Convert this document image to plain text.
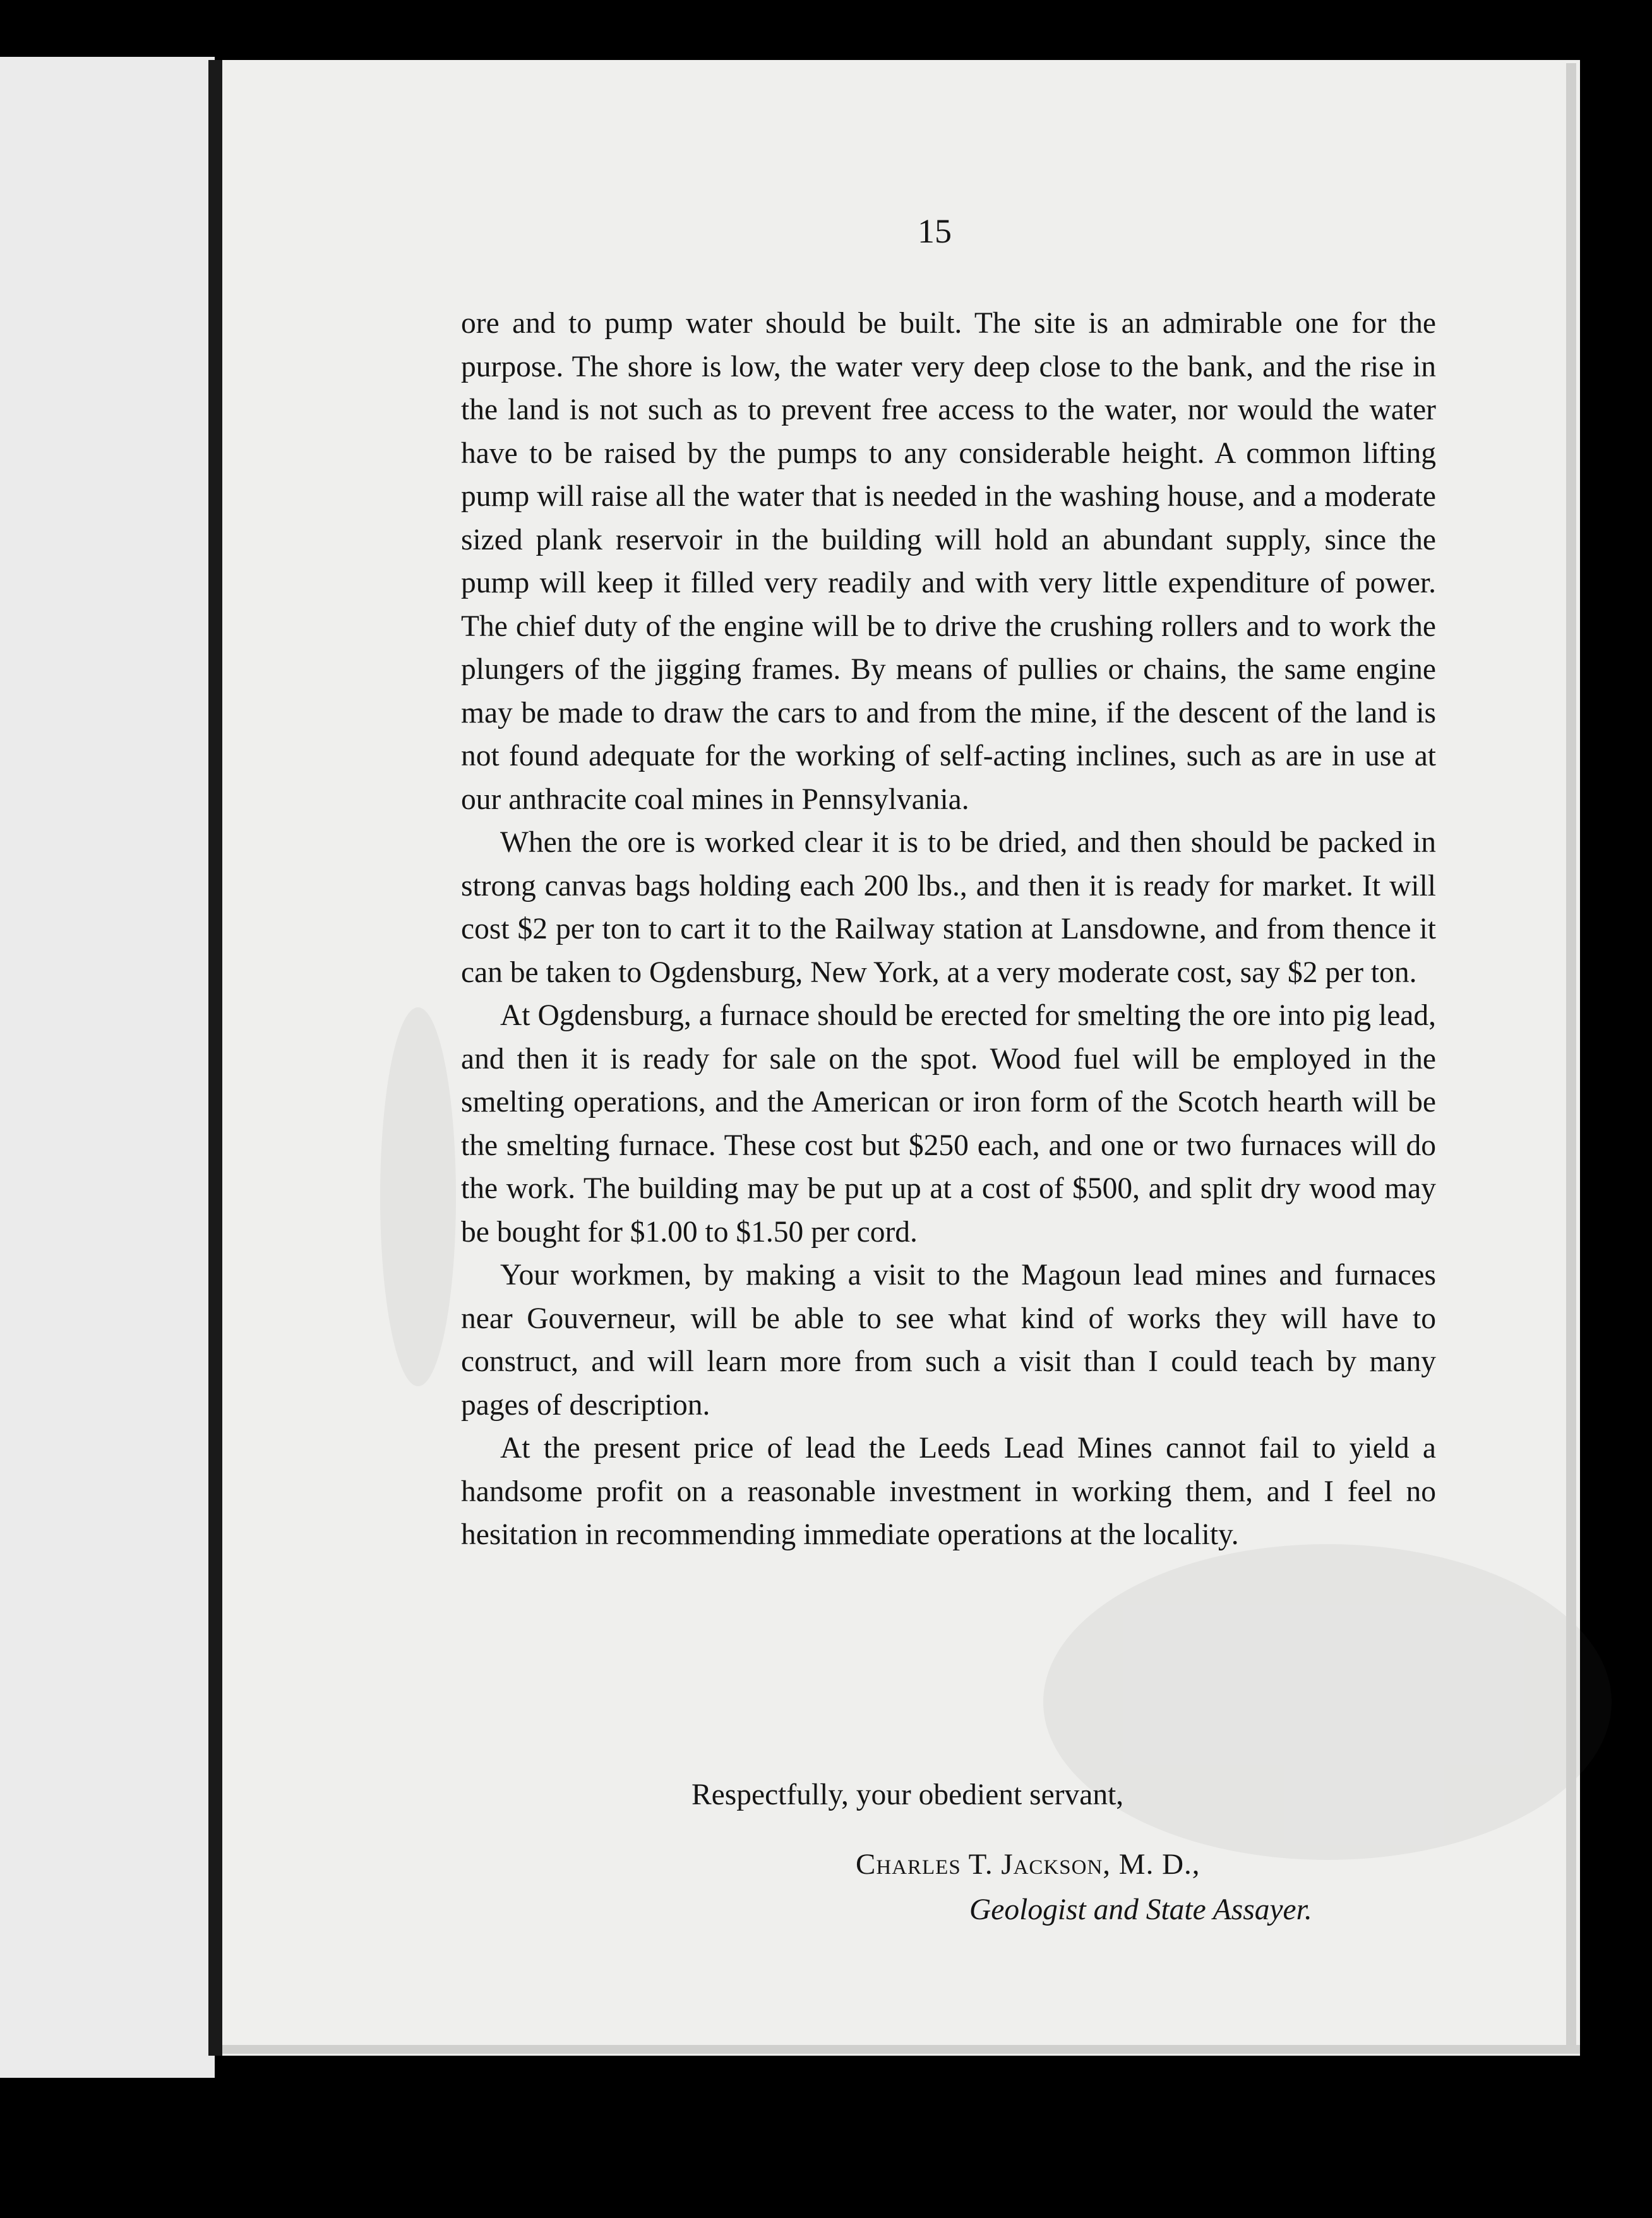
15

ore and to pump water should be built. The site is an admirable one for the purpose. The shore is low, the water very deep close to the bank, and the rise in the land is not such as to prevent free access to the water, nor would the water have to be raised by the pumps to any considerable height. A common lifting pump will raise all the water that is needed in the washing house, and a moderate sized plank reservoir in the building will hold an abundant supply, since the pump will keep it filled very readily and with very little expenditure of power. The chief duty of the engine will be to drive the crushing rollers and to work the plungers of the jigging frames. By means of pullies or chains, the same engine may be made to draw the cars to and from the mine, if the descent of the land is not found adequate for the working of self-acting inclines, such as are in use at our anthracite coal mines in Pennsylvania.

When the ore is worked clear it is to be dried, and then should be packed in strong canvas bags holding each 200 lbs., and then it is ready for market. It will cost $2 per ton to cart it to the Railway station at Lansdowne, and from thence it can be taken to Ogdensburg, New York, at a very moderate cost, say $2 per ton.

At Ogdensburg, a furnace should be erected for smelting the ore into pig lead, and then it is ready for sale on the spot. Wood fuel will be employed in the smelting operations, and the American or iron form of the Scotch hearth will be the smelting furnace. These cost but $250 each, and one or two furnaces will do the work. The building may be put up at a cost of $500, and split dry wood may be bought for $1.00 to $1.50 per cord.

Your workmen, by making a visit to the Magoun lead mines and furnaces near Gouverneur, will be able to see what kind of works they will have to construct, and will learn more from such a visit than I could teach by many pages of description.

At the present price of lead the Leeds Lead Mines cannot fail to yield a handsome profit on a reasonable investment in working them, and I feel no hesitation in recommending immediate operations at the locality.

Respectfully, your obedient servant,
Charles T. Jackson, M. D.,
Geologist and State Assayer.
